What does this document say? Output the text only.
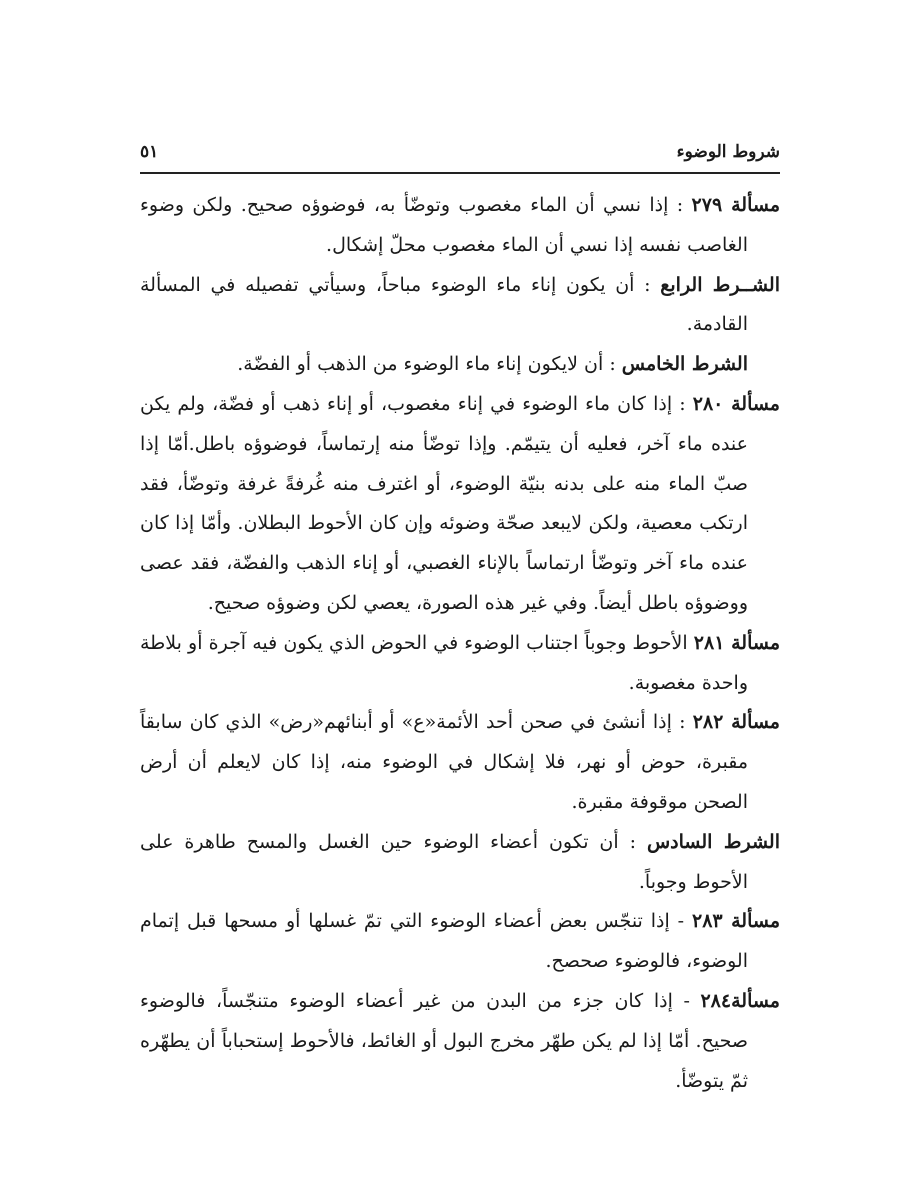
شروط الوضوء
٥١

مسألة ٢٧٩ : إذا نسي أن الماء مغصوب وتوضّأ به، فوضوؤه صحيح. ولكن وضوء الغاصب نفسه إذا نسي أن الماء مغصوب محلّ إشكال.

الشــرط الرابع : أن يكون إناء ماء الوضوء مباحاً، وسيأتي تفصيله في المسألة القادمة.

الشرط الخامس : أن لايكون إناء ماء الوضوء من الذهب أو الفضّة.

مسألة ٢٨٠ : إذا كان ماء الوضوء في إناء مغصوب، أو إناء ذهب أو فضّة، ولم يكن عنده ماء آخر، فعليه أن يتيمّم. وإذا توضّأ منه إرتماساً، فوضوؤه باطل.أمّا إذا صبّ الماء منه على بدنه بنيّة الوضوء، أو اغترف منه غُرفةً غرفة وتوضّأ، فقد ارتكب معصية، ولكن لايبعد صحّة وضوئه وإن كان الأحوط البطلان. وأمّا إذا كان عنده ماء آخر وتوضّأ ارتماساً بالإناء الغصبي، أو إناء الذهب والفضّة، فقد عصى ووضوؤه باطل أيضاً. وفي غير هذه الصورة، يعصي لكن وضوؤه صحيح.

مسألة ٢٨١ الأحوط وجوباً اجتناب الوضوء في الحوض الذي يكون فيه آجرة أو بلاطة واحدة مغصوبة.

مسألة ٢٨٢ : إذا أنشئ في صحن أحد الأئمة«ع» أو أبنائهم«رض» الذي كان سابقاً مقبرة، حوض أو نهر، فلا إشكال في الوضوء منه، إذا كان لايعلم أن أرض الصحن موقوفة مقبرة.

الشرط السادس : أن تكون أعضاء الوضوء حين الغسل والمسح طاهرة على الأحوط وجوباً.

مسألة ٢٨٣ - إذا تنجّس بعض أعضاء الوضوء التي تمّ غسلها أو مسحها قبل إتمام الوضوء، فالوضوء صحصح.

مسألة٢٨٤ - إذا كان جزء من البدن من غير أعضاء الوضوء متنجّساً، فالوضوء صحيح. أمّا إذا لم يكن طهّر مخرج البول أو الغائط، فالأحوط إستحباباً أن يطهّره ثمّ يتوضّأ.
